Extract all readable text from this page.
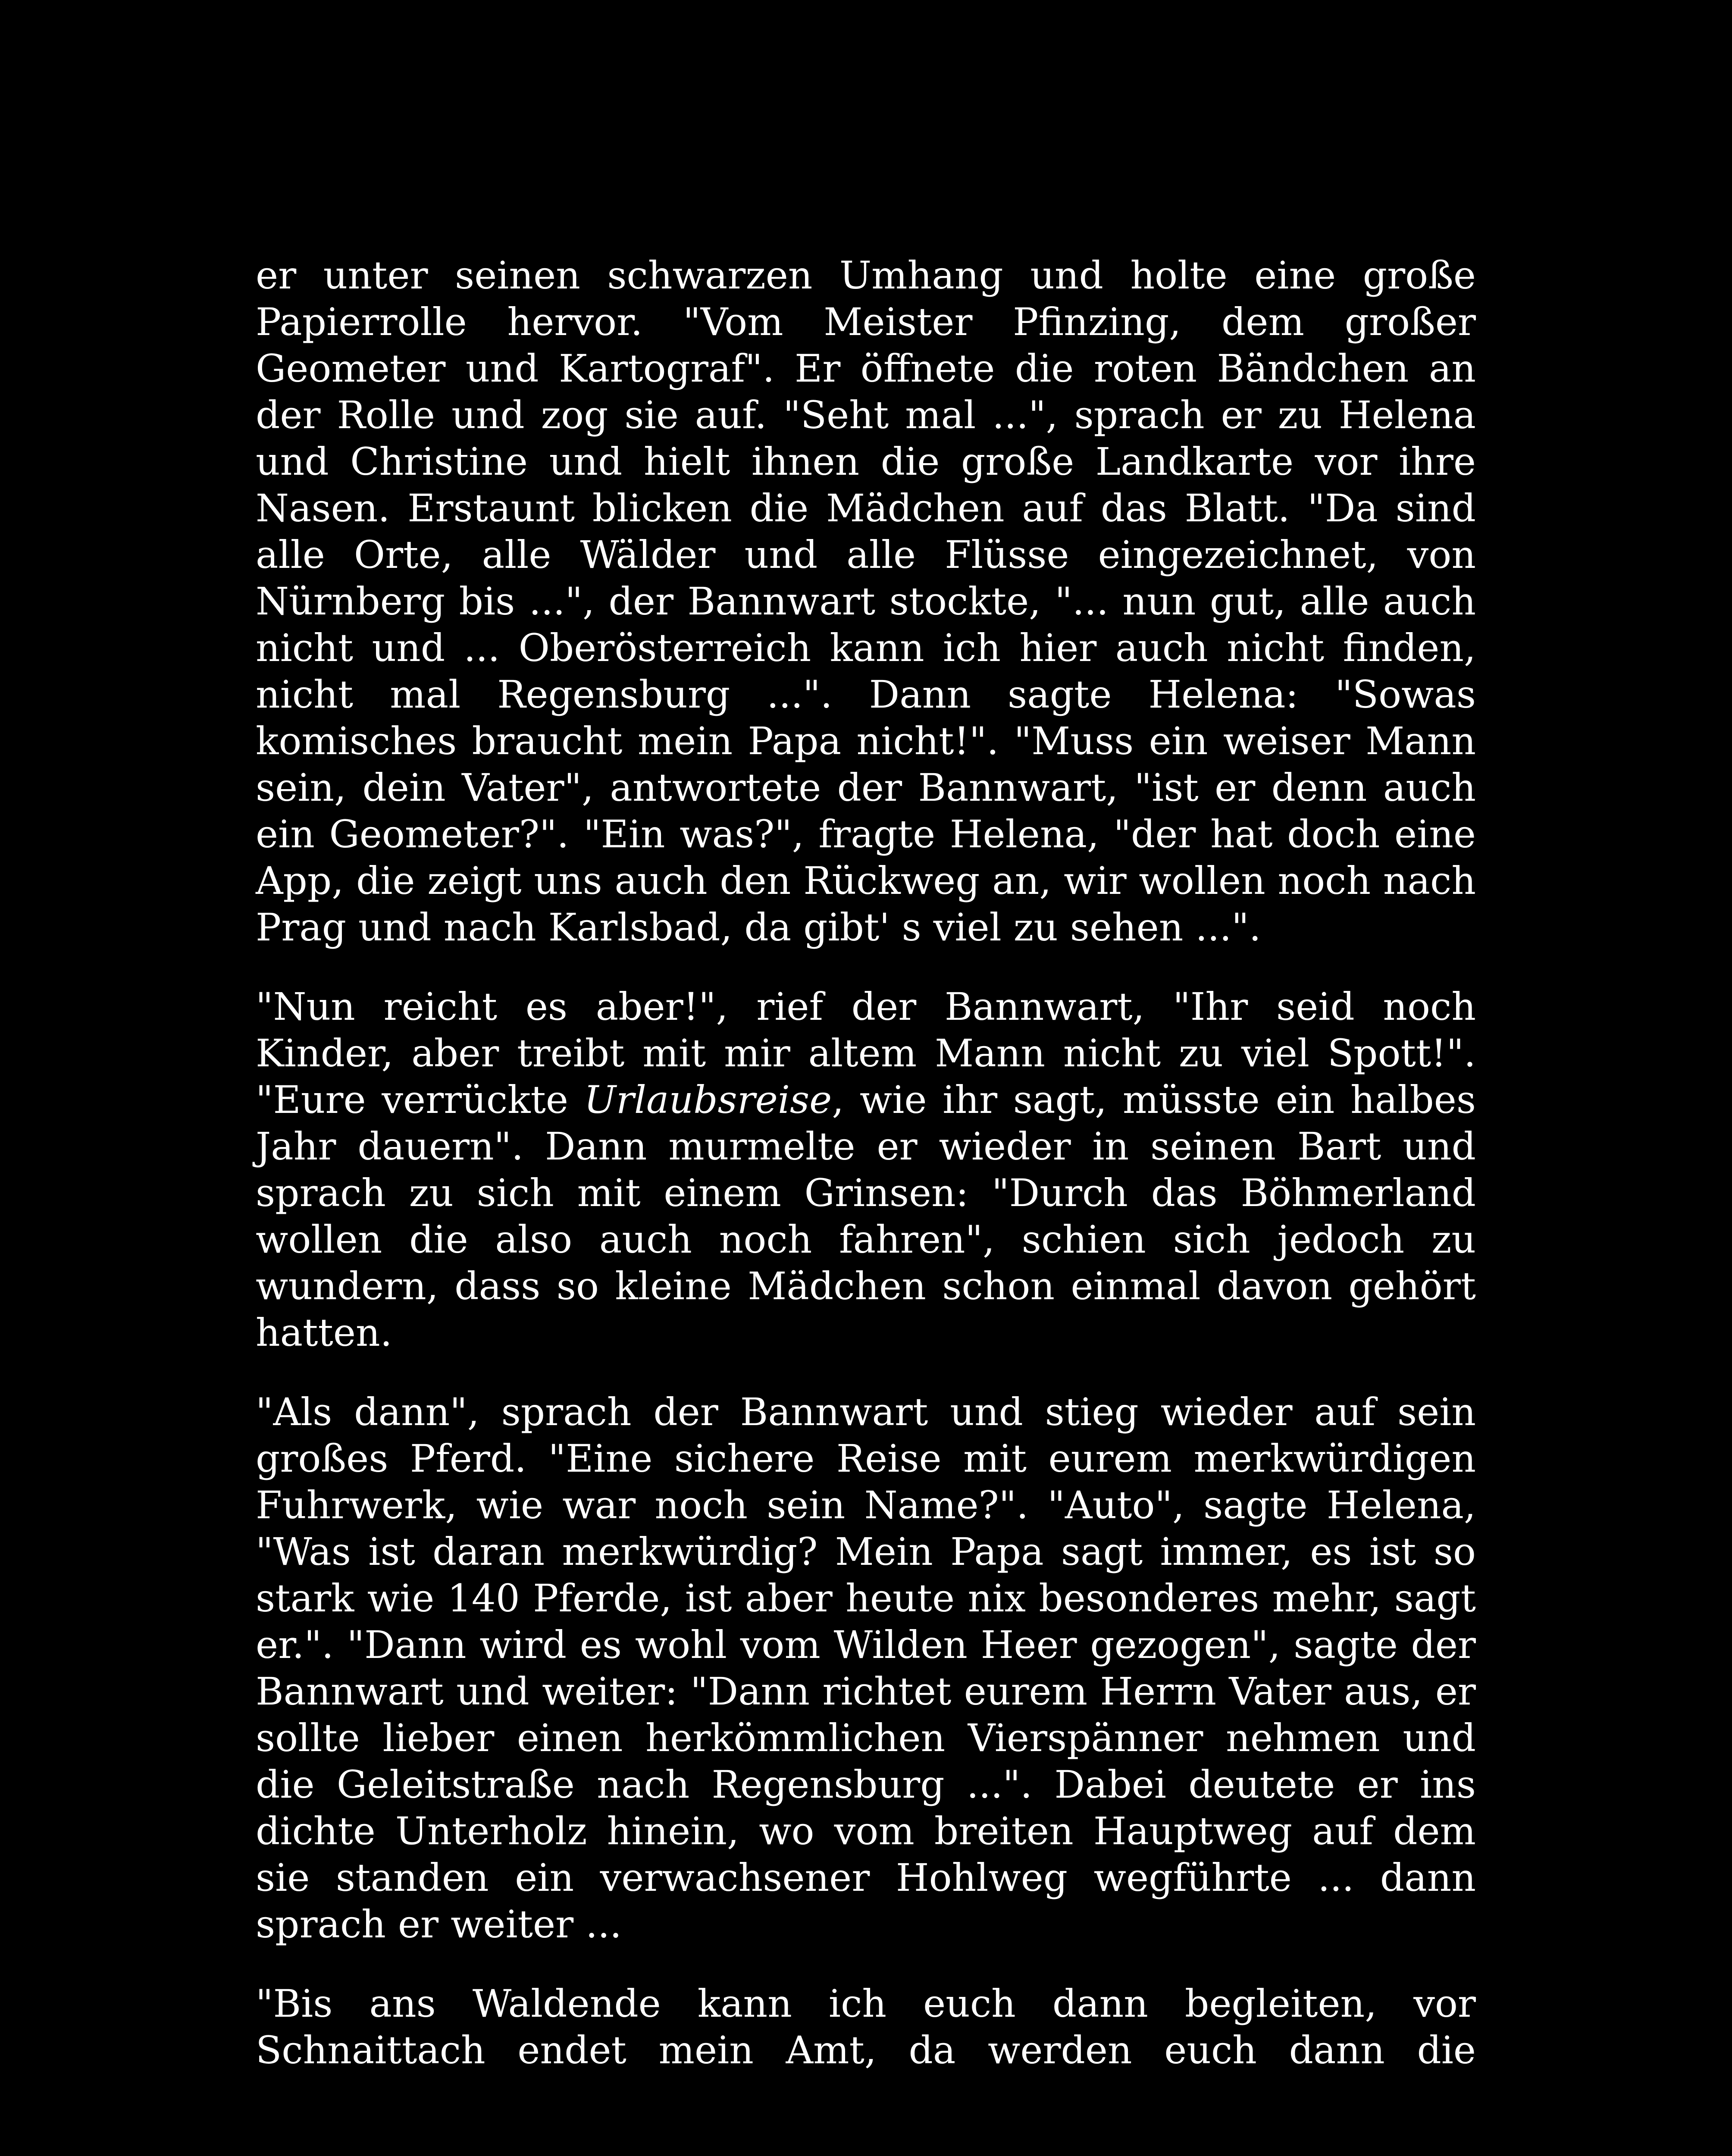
er unter seinen schwarzen Umhang und holte eine große Papierrolle hervor. "Vom Meister Pfinzing, dem großer Geometer und Kartograf". Er öffnete die roten Bändchen an der Rolle und zog sie auf. "Seht mal ...", sprach er zu Helena und Christine und hielt ihnen die große Landkarte vor ihre Nasen. Erstaunt blicken die Mädchen auf das Blatt. "Da sind alle Orte, alle Wälder und alle Flüsse eingezeichnet, von Nürnberg bis ...", der Bannwart stockte, "... nun gut, alle auch nicht und ... Oberösterreich kann ich hier auch nicht finden, nicht mal Regensburg ...". Dann sagte Helena: "Sowas komisches braucht mein Papa nicht!". "Muss ein weiser Mann sein, dein Vater", antwortete der Bannwart, "ist er denn auch ein Geometer?". "Ein was?", fragte Helena, "der hat doch eine App, die zeigt uns auch den Rückweg an, wir wollen noch nach Prag und nach Karlsbad, da gibt' s viel zu sehen ...".

"Nun reicht es aber!", rief der Bannwart, "Ihr seid noch Kinder, aber treibt mit mir altem Mann nicht zu viel Spott!". "Eure verrückte Urlaubsreise, wie ihr sagt, müsste ein halbes Jahr dauern". Dann murmelte er wieder in seinen Bart und sprach zu sich mit einem Grinsen: "Durch das Böhmerland wollen die also auch noch fahren", schien sich jedoch zu wundern, dass so kleine Mädchen schon einmal davon gehört hatten.

"Als dann", sprach der Bannwart und stieg wieder auf sein großes Pferd. "Eine sichere Reise mit eurem merkwürdigen Fuhrwerk, wie war noch sein Name?". "Auto", sagte Helena, "Was ist daran merkwürdig? Mein Papa sagt immer, es ist so stark wie 140 Pferde, ist aber heute nix besonderes mehr, sagt er.". "Dann wird es wohl vom Wilden Heer gezogen", sagte der Bannwart und weiter: "Dann richtet eurem Herrn Vater aus, er sollte lieber einen herkömmlichen Vierspänner nehmen und die Geleitstraße nach Regensburg ...". Dabei deutete er ins dichte Unterholz hinein, wo vom breiten Hauptweg auf dem sie standen ein verwachsener Hohlweg wegführte ... dann sprach er weiter ...

"Bis ans Waldende kann ich euch dann begleiten, vor Schnaittach endet mein Amt, da werden euch dann die
